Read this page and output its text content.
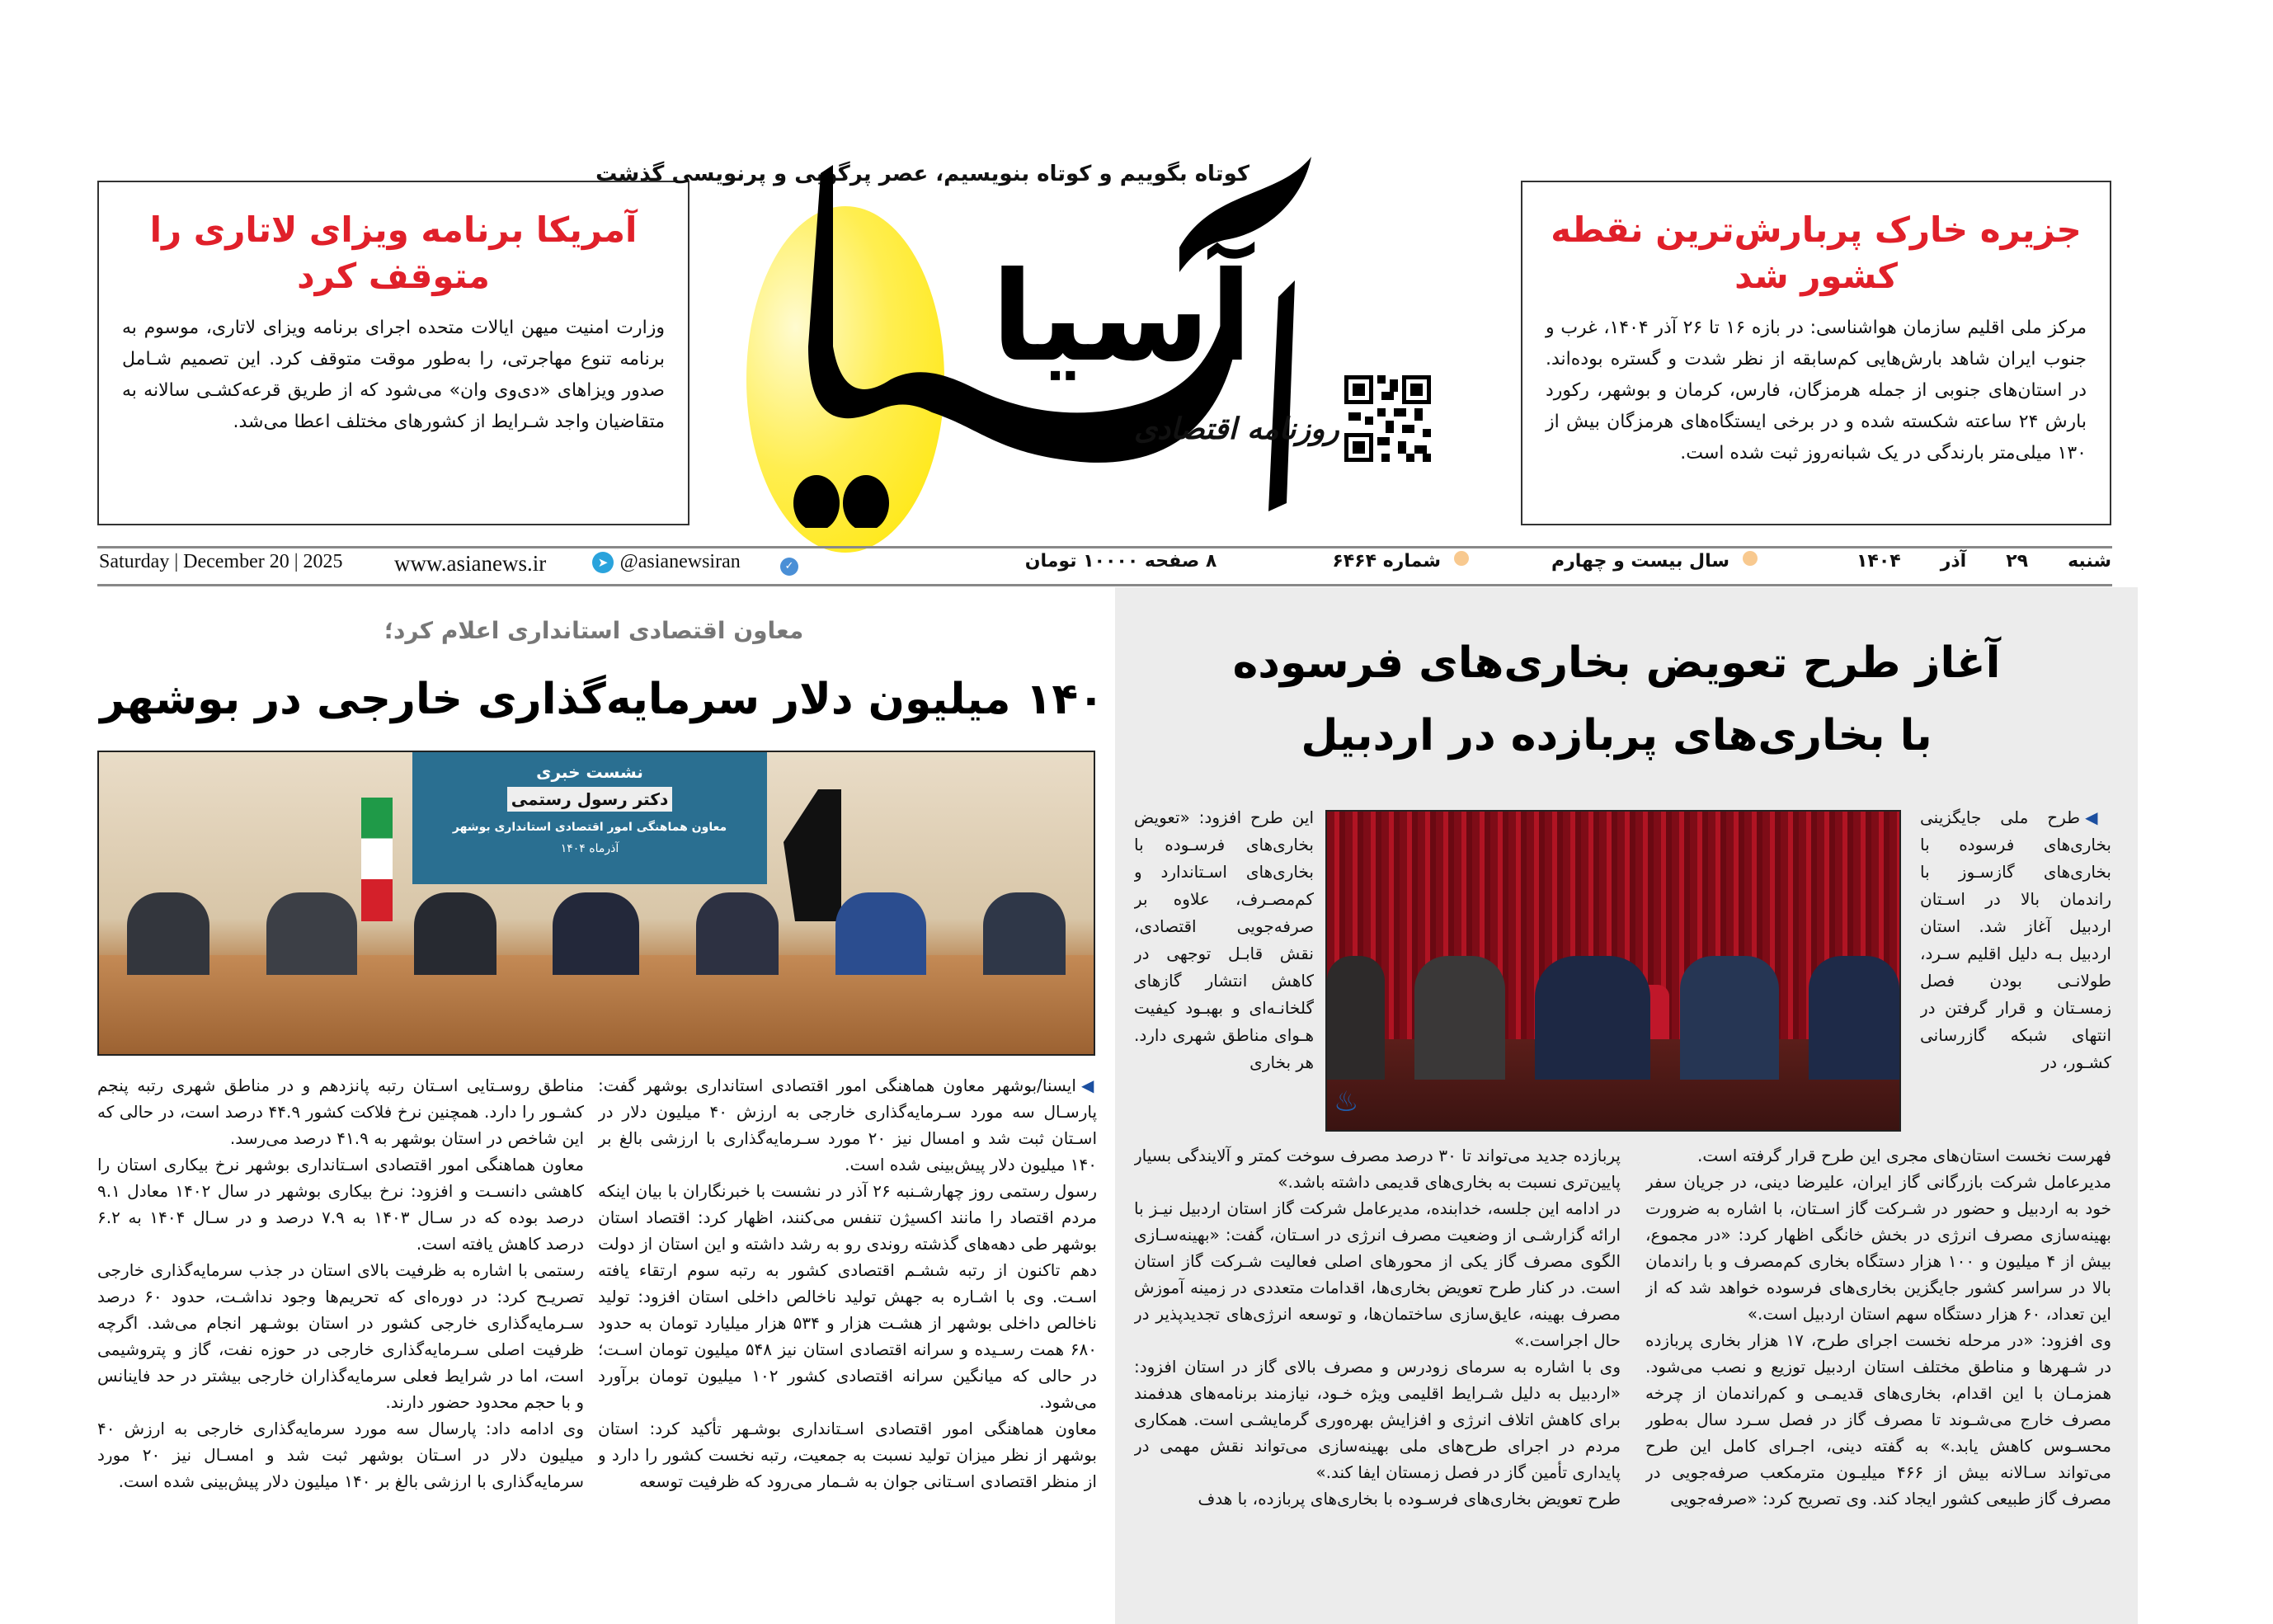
آمریکا برنامه ویزای لاتاری را متوقف کرد

وزارت امنیت میهن ایالات متحده اجرای برنامه ویزای لاتاری، موسوم به برنامه تنوع مهاجرتی، را به‌طور موقت متوقف کرد. این تصمیم شـامل صدور ویزاهای «دی‌وی وان» می‌شود که از طریق قرعه‌کشـی سالانه به متقاضیان واجد شـرایط از کشورهای مختلف اعطا می‌شد.

جزیره خارک پربارش‌ترین نقطه کشور شد

مرکز ملی اقلیم سازمان هواشناسی: در بازه ۱۶ تا ۲۶ آذر ۱۴۰۴، غرب و جنوب ایران شاهد بارش‌هایی کم‌سابقه از نظر شدت و گستره بوده‌اند. در استان‌های جنوبی از جمله هرمزگان، فارس، کرمان و بوشهر، رکورد بارش ۲۴ ساعته شکسته شده و در برخی ایستگاه‌های هرمزگان بیش از ۱۳۰ میلی‌متر بارندگی در یک شبانه‌روز ثبت شده است.

کوتاه بگوییم و کوتاه بنویسیم، عصر پرگویی و پرنویسی گذشت
آسیا
روزنامه اقتصادی
Saturday | December 20 | 2025 www.asianews.ir	➤ @asianewsiran	✓	شنبه
۲۹
آذر
۱۴۰۴
سال بیست و چهارم
شماره ۶۴۶۴
۸ صفحه ۱۰۰۰۰ تومان
معاون اقتصادی استانداری اعلام کرد؛
۱۴۰ میلیون دلار سرمایه‌گذاری خارجی در بوشهر
نشست خبری
دکتر رسول رستمی
معاون هماهنگی امور اقتصادی استانداری بوشهر
آذرماه ۱۴۰۴

◀ایسنا/بوشهر معاون هماهنگی امور اقتصادی استانداری بوشهر گفت: پارسـال سه مورد سـرمایه‌گذاری خارجی به ارزش ۴۰ میلیون دلار در اسـتان ثبت شد و امسال نیز ۲۰ مورد سـرمایه‌گذاری با ارزشی بالغ بر ۱۴۰ میلیون دلار پیش‌بینی شده است.

رسول رستمی روز چهارشـنبه ۲۶ آذر در نشست با خبرنگاران با بیان اینکه مردم اقتصاد را مانند اکسیژن تنفس می‌کنند، اظهار کرد: اقتصاد استان بوشهر طی دهه‌های گذشته روندی رو به رشد داشته و این استان از دولت دهم تاکنون از رتبه ششـم اقتصادی کشور به رتبه سوم ارتقاء یافته اسـت. وی با اشـاره به جهش تولید ناخالص داخلی استان افزود: تولید ناخالص داخلی بوشهر از هشـت هزار و ۵۳۴ هزار میلیارد تومان به حدود ۶۸۰ همت رسـیده و سرانه اقتصادی استان نیز ۵۴۸ میلیون تومان اسـت؛ در حالی که میانگین سرانه اقتصادی کشور ۱۰۲ میلیون تومان برآورد می‌شود.

معاون هماهنگی امور اقتصادی اسـتانداری بوشـهر تأکید کرد: استان بوشهر از نظر میزان تولید نسبت به جمعیت، رتبه نخست کشور را دارد و از منظر اقتصادی اسـتانی جوان به شـمار می‌رود که ظرفیت توسعه

مناطق روسـتایی اسـتان رتبه پانزدهم و در مناطق شهری رتبه پنجم کشـور را دارد. همچنین نرخ فلاکت کشور ۴۴.۹ درصد است، در حالی که این شاخص در استان بوشهر به ۴۱.۹ درصد می‌رسد.

معاون هماهنگی امور اقتصادی اسـتانداری بوشهر نرخ بیکاری استان را کاهشی دانسـت و افزود: نرخ بیکاری بوشهر در سال ۱۴۰۲ معادل ۹.۱ درصد بوده که در سـال ۱۴۰۳ به ۷.۹ درصد و در سـال ۱۴۰۴ به ۶.۲ درصد کاهش یافته است.

رستمی با اشاره به ظرفیت بالای استان در جذب سرمایه‌گذاری خارجی تصریـح کرد: در دوره‌ای که تحریم‌ها وجود نداشـت، حدود ۶۰ درصد سـرمایه‌گذاری خارجی کشور در استان بوشـهر انجام می‌شد. اگرچه ظرفیت اصلی سـرمایه‌گذاری خارجی در حوزه نفت، گاز و پتروشیمی است، اما در شرایط فعلی سرمایه‌گذاران خارجی بیشتر در حد فاینانس و با حجم محدود حضور دارند.

وی ادامه داد: پارسال سه مورد سرمایه‌گذاری خارجی به ارزش ۴۰ میلیون دلار در اسـتان بوشهر ثبت شد و امسـال نیز ۲۰ مورد سرمایه‌گذاری با ارزشی بالغ بر ۱۴۰ میلیون دلار پیش‌بینی شده است.

آغاز طرح تعویض بخاری‌های فرسوده
با بخاری‌های پربازده در اردبیل
♨

◀طرح ملی جایگزینی بخاری‌های فرسوده با بخاری‌های گازسـوز با راندمان بالا در اسـتان اردبیل آغاز شد. استان اردبیل بـه دلیل اقلیم سـرد، طولانـی بودن فصل زمسـتان و قرار گرفتن در انتهای شبکه گازرسانی کشـور، در

این طرح افزود: «تعویض بخاری‌های فرسـوده با بخاری‌های اسـتاندارد و کم‌مصـرف، علاوه بر صرفه‌جویی اقتصادی، نقش قابـل توجهی در کاهش انتشار گازهای گلخانـه‌ای و بهبـود کیفیت هـوای مناطق شهری دارد. هر بخاری

فهرست نخست استان‌های مجری این طرح قرار گرفته است.

مدیرعامل شرکت بازرگانی گاز ایران، علیرضا دینی، در جریان سفر خود به اردبیل و حضور در شـرکت گاز اسـتان، با اشاره به ضرورت بهینه‌سازی مصرف انرژی در بخش خانگی اظهار کرد: «در مجموع، بیش از ۴ میلیون و ۱۰۰ هزار دستگاه بخاری کم‌مصرف و با راندمان بالا در سراسر کشور جایگزین بخاری‌های فرسوده خواهد شد که از این تعداد، ۶۰ هزار دستگاه سهم استان اردبیل است.»

وی افزود: «در مرحله نخست اجرای طرح، ۱۷ هزار بخاری پربازده در شـهرها و مناطق مختلف استان اردبیل توزیع و نصب می‌شود. همزمـان با این اقدام، بخاری‌های قدیمـی و کم‌راندمان از چرخه مصرف خارج می‌شـوند تا مصرف گاز در فصل سـرد سال به‌طور محسـوس کاهش یابد.» به گفته دینی، اجـرای کامل این طرح می‌تواند سـالانه بیش از ۴۶۶ میلیـون مترمکعب صرفه‌جویی در مصرف گاز طبیعی کشور ایجاد کند. وی تصریح کرد: «صرفه‌جویی

پربازده جدید می‌تواند تا ۳۰ درصد مصرف سوخت کمتر و آلایندگی بسیار پایین‌تری نسبت به بخاری‌های قدیمی داشته باشد.»

در ادامه این جلسه، خدابنده، مدیرعامل شرکت گاز استان اردبیل نیـز با ارائه گزارشـی از وضعیت مصرف انرژی در اسـتان، گفت: «بهینه‌سـازی الگوی مصرف گاز یکی از محورهای اصلی فعالیت شـرکت گاز استان است. در کنار طرح تعویض بخاری‌ها، اقدامات متعددی در زمینه آموزش مصرف بهینه، عایق‌سازی ساختمان‌ها، و توسعه انرژی‌های تجدیدپذیر در حال اجراست.»

وی با اشاره به سرمای زودرس و مصرف بالای گاز در استان افزود: «اردبیل به دلیل شـرایط اقلیمی ویژه خـود، نیازمند برنامه‌های هدفمند برای کاهش اتلاف انرژی و افزایش بهره‌وری گرمایشـی است. همکاری مردم در اجرای طرح‌های ملی بهینه‌سازی می‌تواند نقش مهمی در پایداری تأمین گاز در فصل زمستان ایفا کند.»

طرح تعویض بخاری‌های فرسـوده با بخاری‌های پربازده، با هدف
